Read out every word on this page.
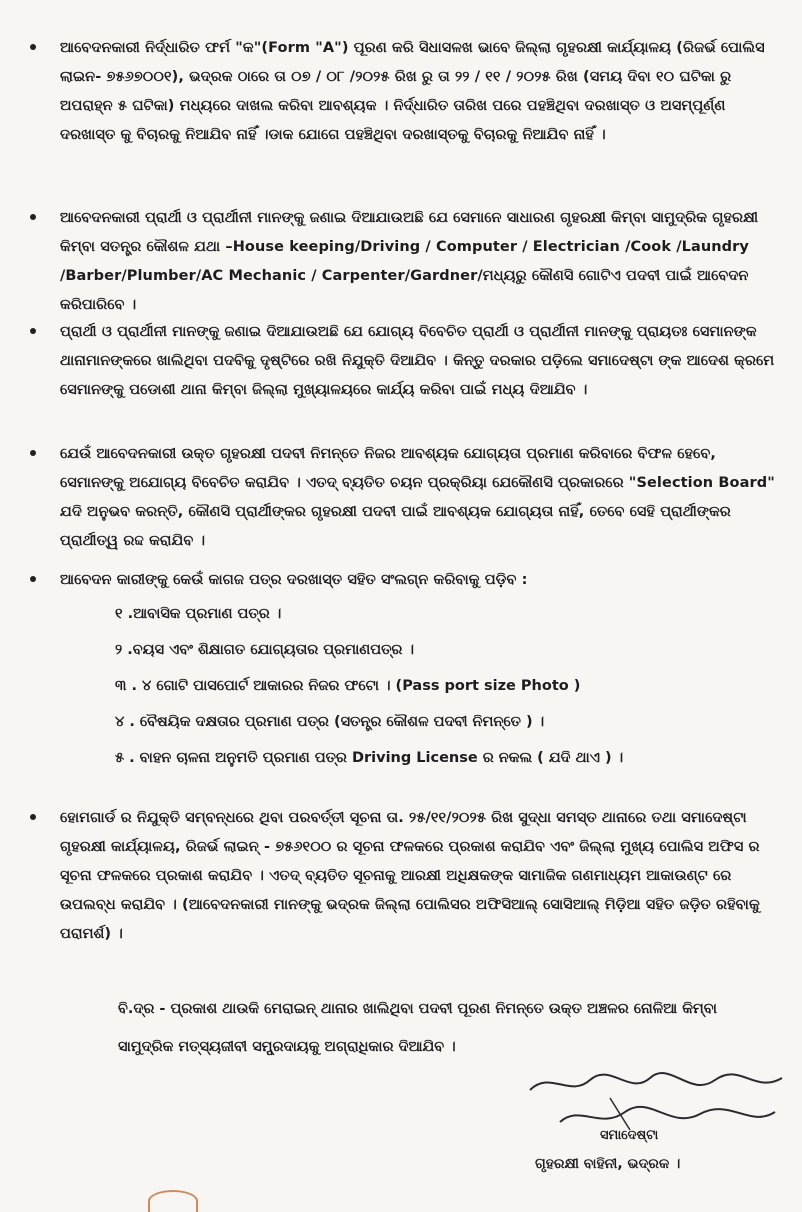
ଆବେଦନକାରୀ ନିର୍ଦ୍ଧାରିତ ଫର୍ମ "କ"(Form "A") ପୂରଣ କରି ସିଧାସଳଖ ଭାବେ ଜିଲ୍ଲା ଗୃହରକ୍ଷୀ କାର୍ଯ୍ୟାଳୟ (ରିଜର୍ଭ ପୋଲିସ ଲାଇନ- ୭୫୬୭୦୦୧), ଭଦ୍ରକ ଠାରେ ତା ୦୭ / ୦୮ /୨୦୨୫ ରିଖ ରୁ ତା ୨୨ / ୧୧ / ୨୦୨୫ ରିଖ (ସମୟ ଦିବା ୧୦ ଘଟିକା ରୁ ଅପରାହ୍ନ ୫ ଘଟିକା) ମଧ୍ୟରେ ଦାଖଲ କରିବା ଆବଶ୍ୟକ । ନିର୍ଦ୍ଧାରିତ ତାରିଖ ପରେ ପହଞ୍ଚିଥିବା ଦରଖାସ୍ତ ଓ ଅସମ୍ପୂର୍ଣ୍ଣ ଦରଖାସ୍ତ କୁ ବିଚାରକୁ ନିଆଯିବ ନାହିଁ ।ଡାକ ଯୋଗେ ପହଞ୍ଚିଥିବା ଦରଖାସ୍ତକୁ ବିଚାରକୁ ନିଆଯିବ ନାହିଁ ।
ଆବେଦନକାରୀ ପ୍ରାର୍ଥୀ ଓ ପ୍ରାର୍ଥୀନୀ ମାନଙ୍କୁ ଜଣାଇ ଦିଆଯାଉଅଛି ଯେ ସେମାନେ ସାଧାରଣ ଗୃହରକ୍ଷୀ କିମ୍ବା ସାମୁଦ୍ରିକ ଗୃହରକ୍ଷୀ କିମ୍ବା ସତନ୍ତ୍ର କୌଶଳ ଯଥା –House keeping/Driving / Computer / Electrician /Cook /Laundry /Barber/Plumber/AC Mechanic / Carpenter/Gardner/ମଧ୍ୟରୁ କୌଣସି ଗୋଟିଏ ପଦବୀ ପାଇଁ ଆବେଦନ କରିପାରିବେ ।
ପ୍ରାର୍ଥୀ ଓ ପ୍ରାର୍ଥୀନୀ ମାନଙ୍କୁ ଜଣାଇ ଦିଆଯାଉଅଛି ଯେ ଯୋଗ୍ୟ ବିବେଚିତ ପ୍ରାର୍ଥୀ ଓ ପ୍ରାର୍ଥୀନୀ ମାନଙ୍କୁ ପ୍ରାୟତଃ ସେମାନଙ୍କ ଥାନାମାନଙ୍କରେ ଖାଲିଥିବା ପଦବିକୁ ଦୃଷ୍ଟିରେ ରଖି ନିଯୁକ୍ତି ଦିଆଯିବ । କିନ୍ତୁ ଦରକାର ପଡ଼ିଲେ ସମାଦେଷ୍ଟା ଙ୍କ ଆଦେଶ କ୍ରମେ ସେମାନଙ୍କୁ ପଡୋଶୀ ଥାନା କିମ୍ବା ଜିଲ୍ଲା ମୁଖ୍ୟାଳୟରେ କାର୍ଯ୍ୟ କରିବା ପାଇଁ ମଧ୍ୟ ଦିଆଯିବ ।
ଯେଉଁ ଆବେଦନକାରୀ ଉକ୍ତ ଗୃହରକ୍ଷୀ ପଦବୀ ନିମନ୍ତେ ନିଜର ଆବଶ୍ୟକ ଯୋଗ୍ୟତା ପ୍ରମାଣ କରିବାରେ ବିଫଳ ହେବେ, ସେମାନଙ୍କୁ ଅଯୋଗ୍ୟ ବିବେଚିତ କରାଯିବ । ଏତଦ୍ ବ୍ୟତିତ ଚୟନ ପ୍ରକ୍ରିୟା ଯେକୌଣସି ପ୍ରକାରରେ "Selection Board" ଯଦି ଅନୁଭବ କରନ୍ତି, କୌଣସି ପ୍ରାର୍ଥୀଙ୍କର ଗୃହରକ୍ଷୀ ପଦବୀ ପାଇଁ ଆବଶ୍ୟକ ଯୋଗ୍ୟତା ନାହିଁ, ତେବେ ସେହି ପ୍ରାର୍ଥୀଙ୍କର ପ୍ରାର୍ଥୀତ୍ୱ ରଦ୍ଦ କରାଯିବ ।
ଆବେଦନ କାରୀଙ୍କୁ କେଉଁ କାଗଜ ପତ୍ର ଦରଖାସ୍ତ ସହିତ ସଂଲଗ୍ନ କରିବାକୁ ପଡ଼ିବ :
୧ .ଆବାସିକ ପ୍ରମାଣ ପତ୍ର ।
୨ .ବୟସ ଏବଂ ଶିକ୍ଷାଗତ ଯୋଗ୍ୟତାର ପ୍ରମାଣପତ୍ର ।
୩ . ୪ ଗୋଟି ପାସପୋର୍ଟ ଆକାରର ନିଜର ଫଟୋ । (Pass port size Photo )
୪ . ବୈଷୟିକ ଦକ୍ଷତାର ପ୍ରମାଣ ପତ୍ର (ସତନ୍ତ୍ର କୌଶଳ ପଦବୀ ନିମନ୍ତେ ) ।
୫ . ବାହନ ଚାଳନା ଅନୁମତି ପ୍ରମାଣ ପତ୍ର Driving License ର ନକଲ ( ଯଦି ଥାଏ ) ।
ହୋମଗାର୍ଡ ର ନିଯୁକ୍ତି ସମ୍ବନ୍ଧରେ ଥିବା ପରବର୍ତ୍ତୀ ସୂଚନା ତା. ୨୫/୧୧/୨୦୨୫ ରିଖ ସୁଦ୍ଧା ସମସ୍ତ ଥାନାରେ ତଥା ସମାଦେଷ୍ଟା ଗୃହରକ୍ଷୀ କାର୍ଯ୍ୟାଳୟ, ରିଜର୍ଭ ଲାଇନ୍ - ୭୫୬୧୦୦ ର ସୂଚନା ଫଳକରେ ପ୍ରକାଶ କରାଯିବ ଏବଂ ଜିଲ୍ଲା ମୁଖ୍ୟ ପୋଲିସ ଅଫିସ ର ସୂଚନା ଫଳକରେ ପ୍ରକାଶ କରାଯିବ । ଏତଦ୍ ବ୍ୟତିତ ସୂଚନାକୁ ଆରକ୍ଷୀ ଅଧିକ୍ଷକଙ୍କ ସାମାଜିକ ଗଣମାଧ୍ୟମ ଆକାଉଣ୍ଟ ରେ ଉପଲବ୍ଧ କରାଯିବ । (ଆବେଦନକାରୀ ମାନଙ୍କୁ ଭଦ୍ରକ ଜିଲ୍ଲା ପୋଲିସର ଅଫିସିଆଲ୍ ସୋସିଆଲ୍ ମିଡ଼ିଆ ସହିତ ଜଡ଼ିତ ରହିବାକୁ ପରାମର୍ଶ) ।
ବି.ଦ୍ର - ପ୍ରକାଶ ଥାଉକି ମେରାଇନ୍ ଥାନାର ଖାଲିଥିବା ପଦବୀ ପୂରଣ ନିମନ୍ତେ ଉକ୍ତ ଅଞ୍ଚଳର ନୋଳିଆ କିମ୍ବା ସାମୁଦ୍ରିକ ମତ୍ସ୍ୟଜୀବୀ ସମ୍ପ୍ରଦାୟକୁ ଅଗ୍ରାଧିକାର ଦିଆଯିବ ।
ସମାଦେଷ୍ଟା
ଗୃହରକ୍ଷୀ ବାହିନୀ, ଭଦ୍ରକ ।
